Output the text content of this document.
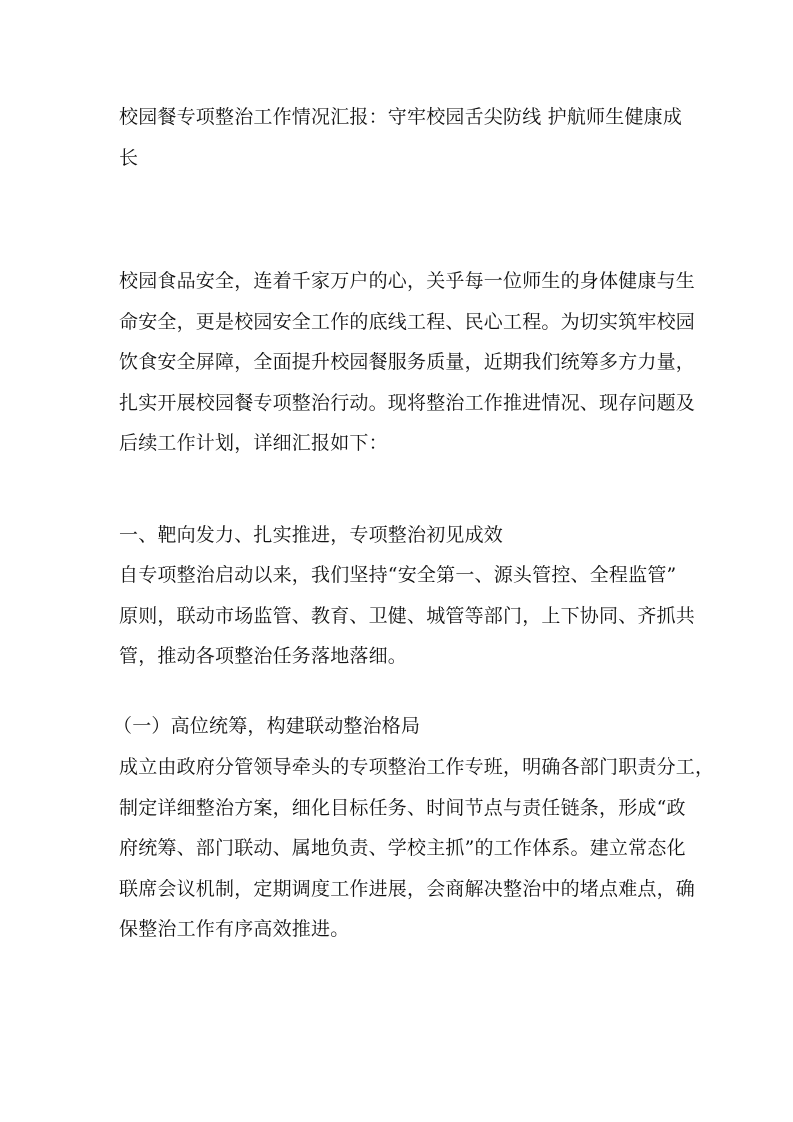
校园餐专项整治工作情况汇报：守牢校园舌尖防线 护航师生健康成
长
校园食品安全，连着千家万户的心，关乎每一位师生的身体健康与生
命安全，更是校园安全工作的底线工程、民心工程。为切实筑牢校园
饮食安全屏障，全面提升校园餐服务质量，近期我们统筹多方力量，
扎实开展校园餐专项整治行动。现将整治工作推进情况、现存问题及
后续工作计划，详细汇报如下：
一、靶向发力、扎实推进，专项整治初见成效
自专项整治启动以来，我们坚持“安全第一、源头管控、全程监管”
原则，联动市场监管、教育、卫健、城管等部门，上下协同、齐抓共
管，推动各项整治任务落地落细。
（一）高位统筹，构建联动整治格局
成立由政府分管领导牵头的专项整治工作专班，明确各部门职责分工，
制定详细整治方案，细化目标任务、时间节点与责任链条，形成“政
府统筹、部门联动、属地负责、学校主抓”的工作体系。建立常态化
联席会议机制，定期调度工作进展，会商解决整治中的堵点难点，确
保整治工作有序高效推进。
